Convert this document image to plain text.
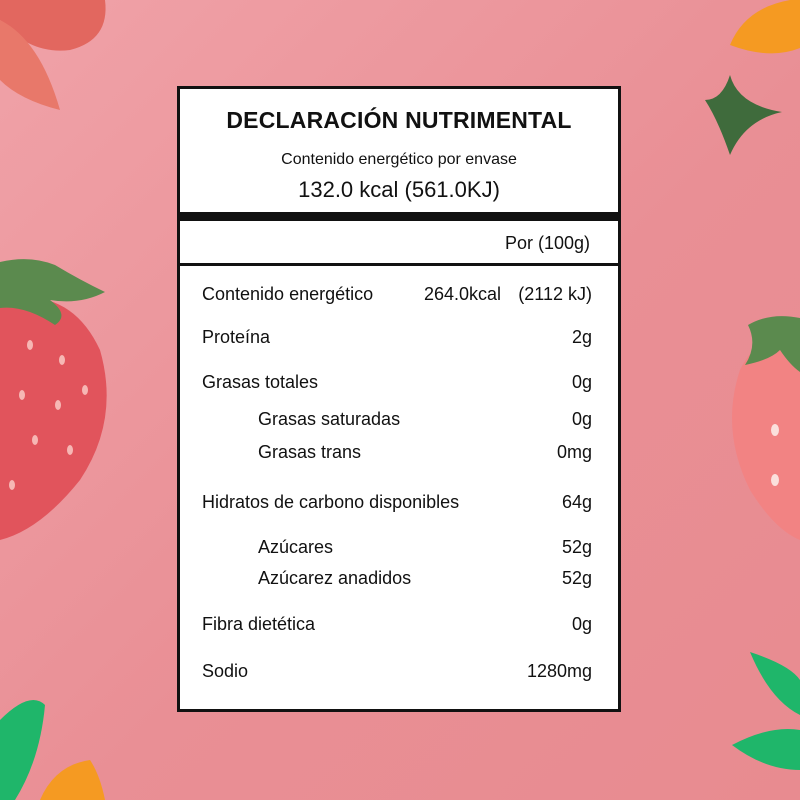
DECLARACIÓN NUTRIMENTAL
Contenido energético por envase
132.0 kcal (561.0KJ)
Por (100g)
Contenido energético	264.0kcal (2112 kJ)
Proteína	2g
Grasas totales	0g
Grasas saturadas	0g
Grasas trans	0mg
Hidratos de carbono disponibles	64g
Azúcares	52g
Azúcarez anadidos	52g
Fibra dietética	0g
Sodio	1280mg
